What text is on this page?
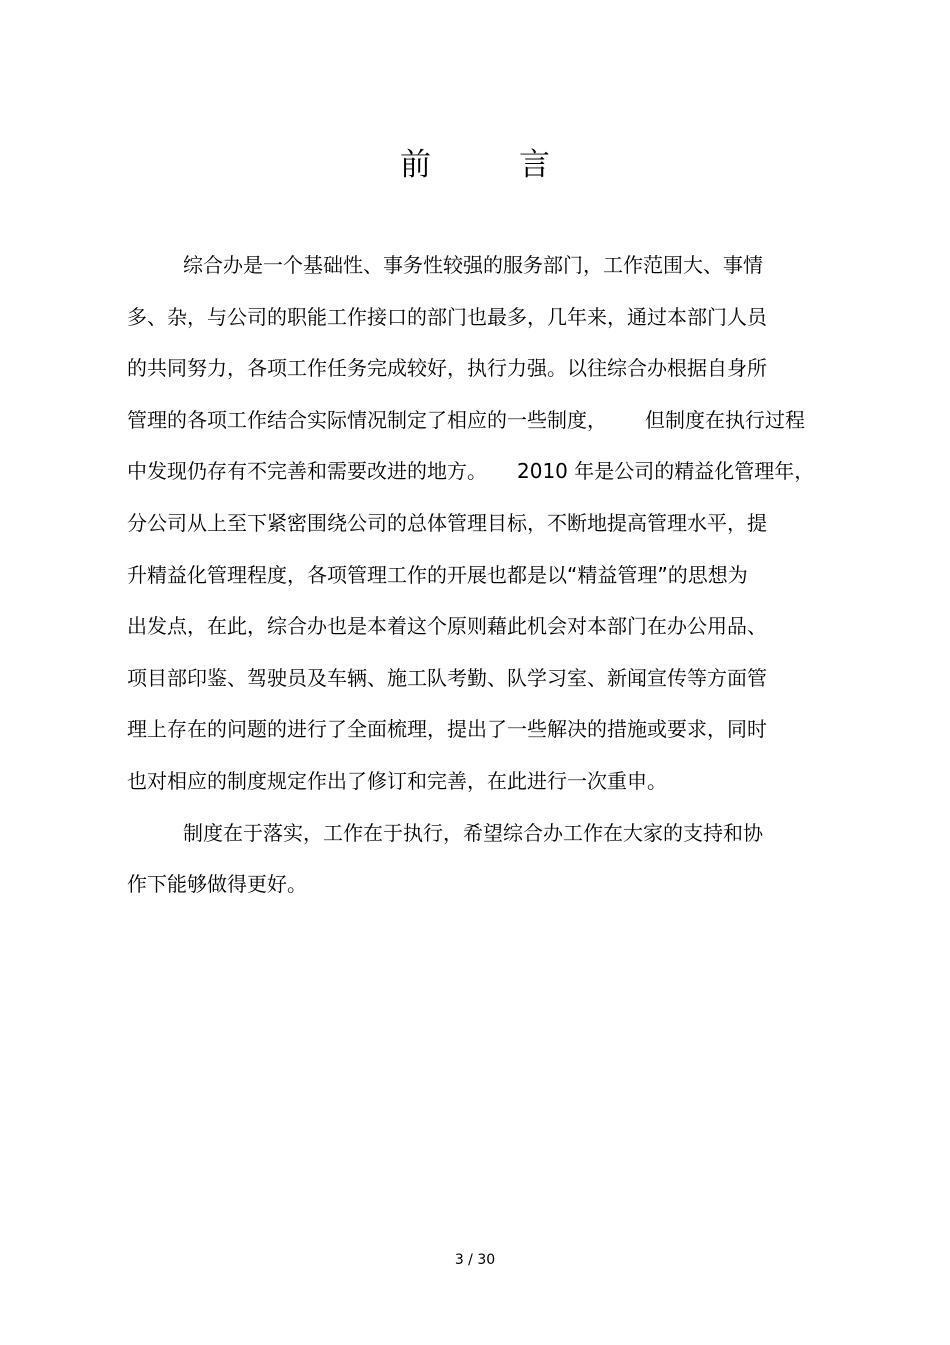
前	言
综合办是一个基础性、事务性较强的服务部门，工作范围大、事情
多、杂，与公司的职能工作接口的部门也最多，几年来，通过本部门人员
的共同努力，各项工作任务完成较好，执行力强。以往综合办根据自身所
管理的各项工作结合实际情况制定了相应的一些制度， 但制度在执行过程
中发现仍存有不完善和需要改进的地方。 2010 年是公司的精益化管理年，
分公司从上至下紧密围绕公司的总体管理目标，不断地提高管理水平，提
升精益化管理程度，各项管理工作的开展也都是以“精益管理”的思想为
出发点，在此，综合办也是本着这个原则藉此机会对本部门在办公用品、
项目部印鉴、驾驶员及车辆、施工队考勤、队学习室、新闻宣传等方面管
理上存在的问题的进行了全面梳理，提出了一些解决的措施或要求，同时
也对相应的制度规定作出了修订和完善，在此进行一次重申。
制度在于落实，工作在于执行，希望综合办工作在大家的支持和协
作下能够做得更好。
3 / 30
